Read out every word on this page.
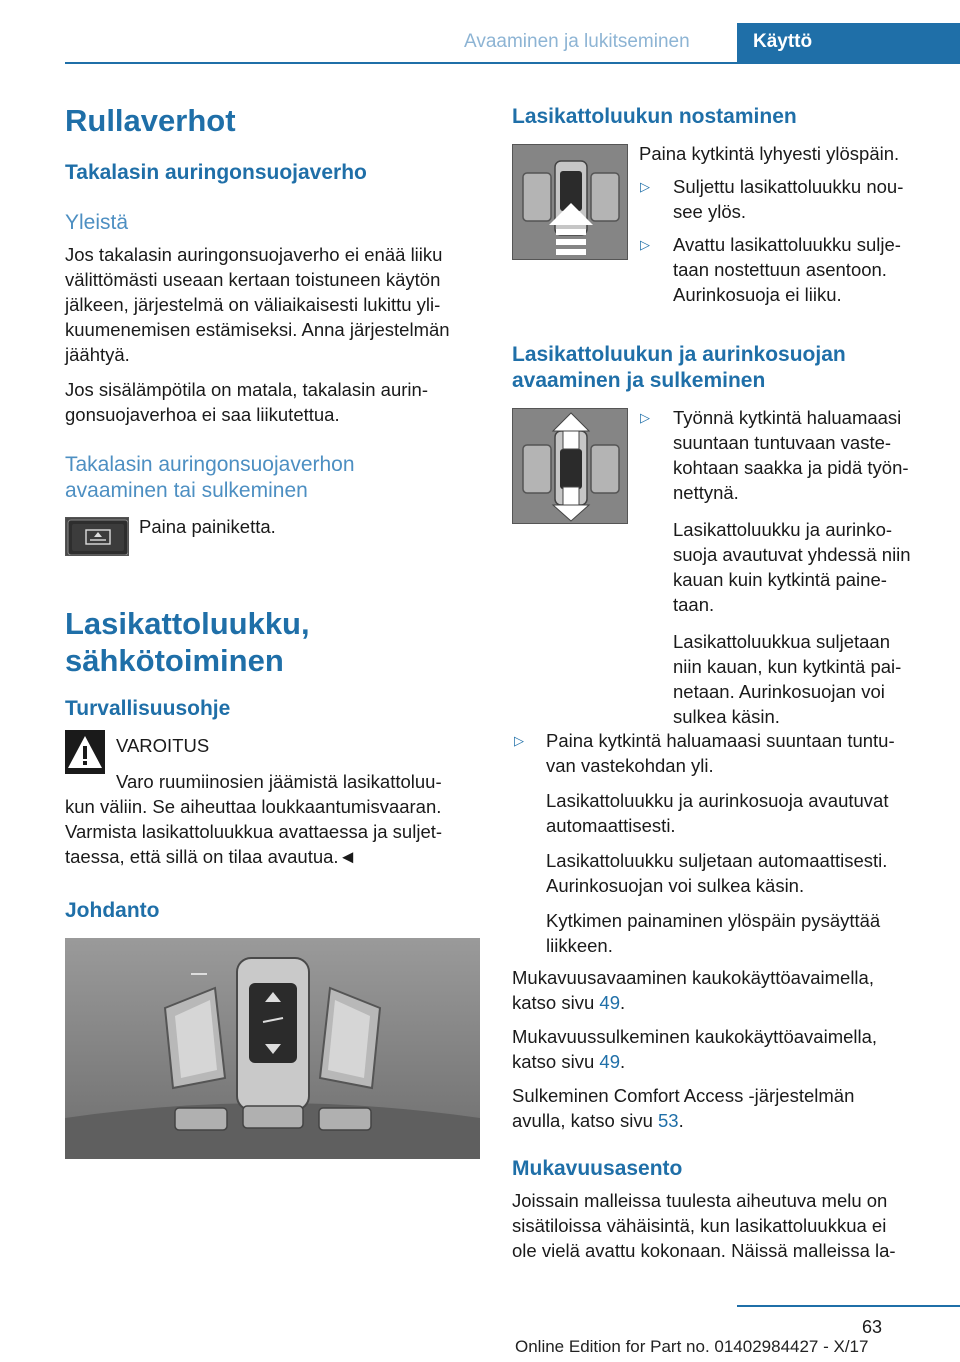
Avaaminen ja lukitseminen	Käyttö
Rullaverhot
Takalasin auringonsuojaverho
Yleistä
Jos takalasin auringonsuojaverho ei enää liiku
välittömästi useaan kertaan toistuneen käytön
jälkeen, järjestelmä on väliaikaisesti lukittu yli-
kuumenemisen estämiseksi. Anna järjestelmän
jäähtyä.
Jos sisälämpötila on matala, takalasin aurin-
gonsuojaverhoa ei saa liikutettua.
Takalasin auringonsuojaverhon
avaaminen tai sulkeminen
Paina painiketta.
Lasikattoluukku,
sähkötoiminen
Turvallisuusohje
VAROITUS
Varo ruumiinosien jäämistä lasikattoluu-
kun väliin. Se aiheuttaa loukkaantumisvaaran.
Varmista lasikattoluukkua avattaessa ja suljet-
taessa, että sillä on tilaa avautua.◄
Johdanto
Lasikattoluukun nostaminen
Paina kytkintä lyhyesti ylöspäin.
▷ Suljettu lasikattoluukku nou-
see ylös.
▷ Avattu lasikattoluukku sulje-
taan nostettuun asentoon.
Aurinkosuoja ei liiku.
Lasikattoluukun ja aurinkosuojan
avaaminen ja sulkeminen
▷ Työnnä kytkintä haluamaasi
suuntaan tuntuvaan vaste-
kohtaan saakka ja pidä työn-
nettynä.
Lasikattoluukku ja aurinko-
suoja avautuvat yhdessä niin
kauan kuin kytkintä paine-
taan.
Lasikattoluukkua suljetaan
niin kauan, kun kytkintä pai-
netaan. Aurinkosuojan voi
sulkea käsin.
▷ Paina kytkintä haluamaasi suuntaan tuntu-
van vastekohdan yli.
Lasikattoluukku ja aurinkosuoja avautuvat
automaattisesti.
Lasikattoluukku suljetaan automaattisesti.
Aurinkosuojan voi sulkea käsin.
Kytkimen painaminen ylöspäin pysäyttää
liikkeen.
Mukavuusavaaminen kaukokäyttöavaimella,
katso sivu 49.
Mukavuussulkeminen kaukokäyttöavaimella,
katso sivu 49.
Sulkeminen Comfort Access -järjestelmän
avulla, katso sivu 53.
Mukavuusasento
Joissain malleissa tuulesta aiheutuva melu on
sisätiloissa vähäisintä, kun lasikattoluukkua ei
ole vielä avattu kokonaan. Näissä malleissa la-
63
Online Edition for Part no. 01402984427 - X/17
